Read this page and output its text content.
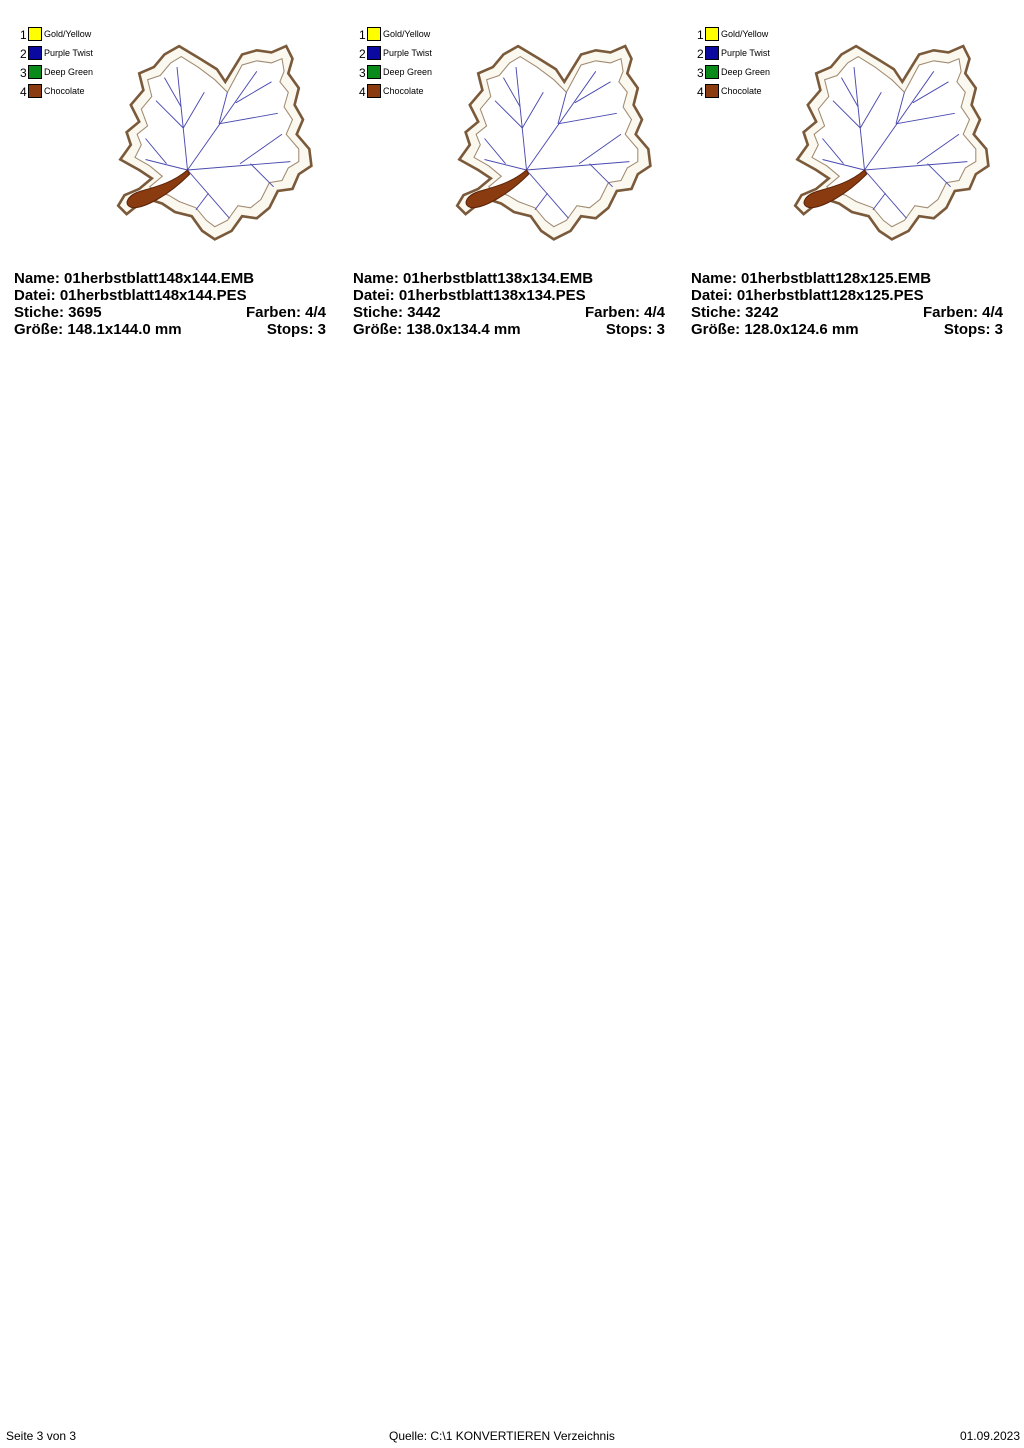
1 Gold/Yellow
2 Purple Twist
3 Deep Green
4 Chocolate
Name: 01herbstblatt148x144.EMB
Datei: 01herbstblatt148x144.PES
Stiche: 3695	Farben: 4/4
Größe: 148.1x144.0 mm	Stops: 3
1 Gold/Yellow
2 Purple Twist
3 Deep Green
4 Chocolate
Name: 01herbstblatt138x134.EMB
Datei: 01herbstblatt138x134.PES
Stiche: 3442	Farben: 4/4
Größe: 138.0x134.4 mm	Stops: 3
1 Gold/Yellow
2 Purple Twist
3 Deep Green
4 Chocolate
Name: 01herbstblatt128x125.EMB
Datei: 01herbstblatt128x125.PES
Stiche: 3242	Farben: 4/4
Größe: 128.0x124.6 mm	Stops: 3
Seite 3 von 3	Quelle: C:\1 KONVERTIEREN Verzeichnis	01.09.2023
